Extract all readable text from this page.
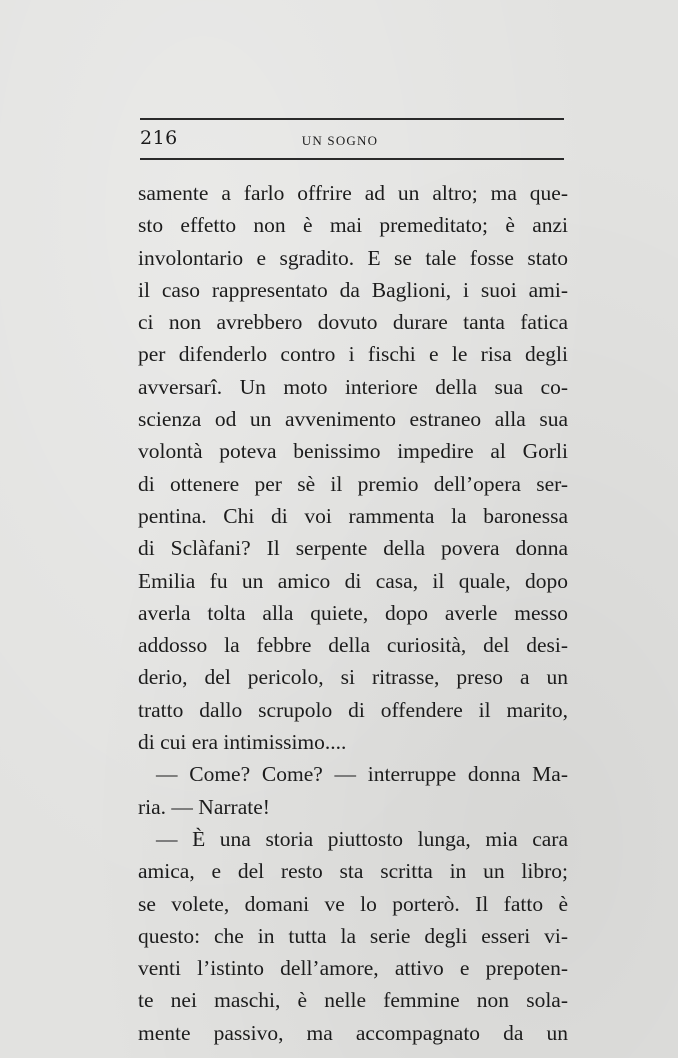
216	UN SOGNO
samente a farlo offrire ad un altro; ma que-
sto effetto non è mai premeditato; è anzi
involontario e sgradito. E se tale fosse stato
il caso rappresentato da Baglioni, i suoi ami-
ci non avrebbero dovuto durare tanta fatica
per difenderlo contro i fischi e le risa degli
avversarî. Un moto interiore della sua co-
scienza od un avvenimento estraneo alla sua
volontà poteva benissimo impedire al Gorli
di ottenere per sè il premio dell’opera ser-
pentina. Chi di voi rammenta la baronessa
di Sclàfani? Il serpente della povera donna
Emilia fu un amico di casa, il quale, dopo
averla tolta alla quiete, dopo averle messo
addosso la febbre della curiosità, del desi-
derio, del pericolo, si ritrasse, preso a un
tratto dallo scrupolo di offendere il marito,
di cui era intimissimo....
— Come? Come? — interruppe donna Ma-
ria. — Narrate!
— È una storia piuttosto lunga, mia cara
amica, e del resto sta scritta in un libro;
se volete, domani ve lo porterò. Il fatto è
questo: che in tutta la serie degli esseri vi-
venti l’istinto dell’amore, attivo e prepoten-
te nei maschi, è nelle femmine non sola-
mente passivo, ma accompagnato da un
